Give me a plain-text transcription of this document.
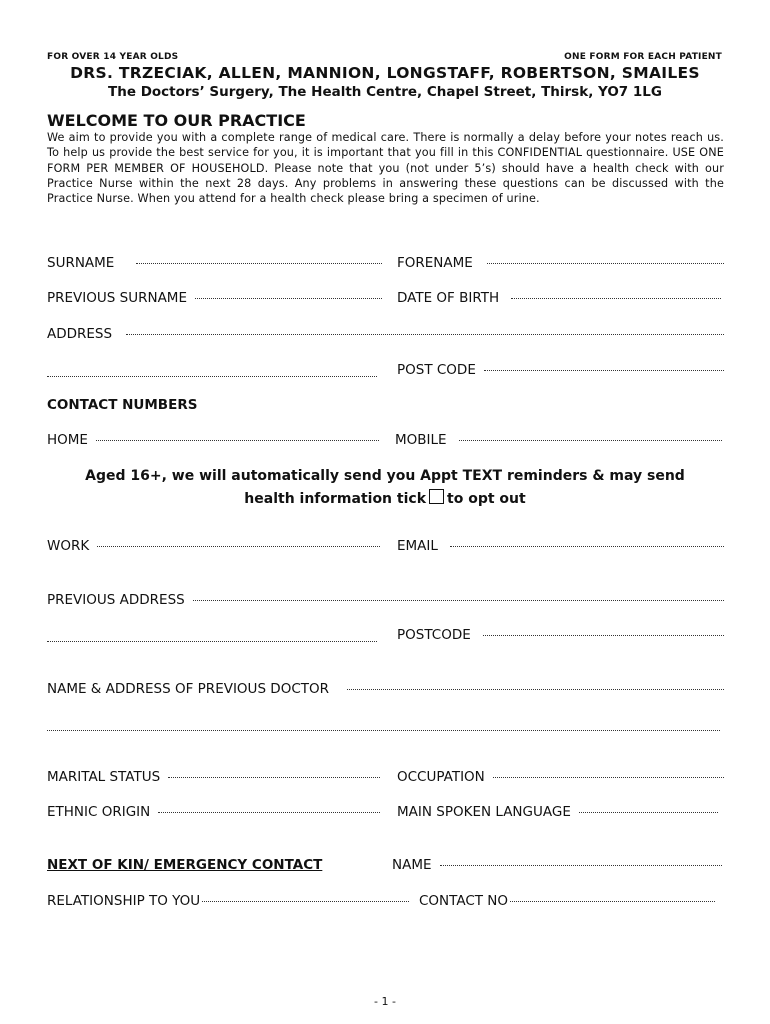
FOR OVER 14 YEAR OLDS	ONE FORM FOR EACH PATIENT
DRS. TRZECIAK, ALLEN, MANNION, LONGSTAFF, ROBERTSON, SMAILES
The Doctors’ Surgery, The Health Centre, Chapel Street, Thirsk, YO7 1LG
WELCOME TO OUR PRACTICE
We aim to provide you with a complete range of medical care. There is normally a delay before your notes reach us. To help us provide the best service for you, it is important that you fill in this CONFIDENTIAL questionnaire. USE ONE FORM PER MEMBER OF HOUSEHOLD. Please note that you (not under 5’s) should have a health check with our Practice Nurse within the next 28 days. Any problems in answering these questions can be discussed with the Practice Nurse. When you attend for a health check please bring a specimen of urine.
SURNAME	FORENAME
PREVIOUS SURNAME	DATE OF BIRTH
ADDRESS
POST CODE
CONTACT NUMBERS
HOME	MOBILE
Aged 16+, we will automatically send you Appt TEXT reminders & may send
health information tick to opt out
WORK	EMAIL
PREVIOUS ADDRESS
POSTCODE
NAME & ADDRESS OF PREVIOUS DOCTOR
MARITAL STATUS	OCCUPATION
ETHNIC ORIGIN	MAIN SPOKEN LANGUAGE
NEXT OF KIN/ EMERGENCY CONTACT	NAME
RELATIONSHIP TO YOU	CONTACT NO
- 1 -
